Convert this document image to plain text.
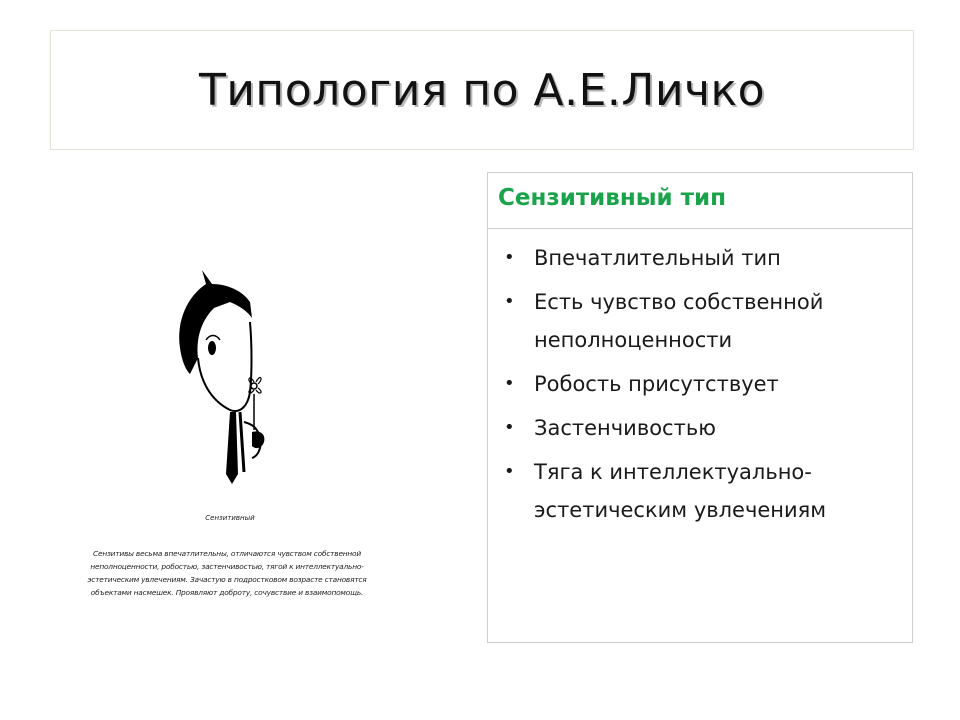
Типология по А.Е.Личко
Сензитивный
Сензитивы весьма впечатлительны, отличаются чувством собственной неполноценности, робостью, застенчивостью, тягой к интеллектуально-эстетическим увлечениям. Зачастую в подростковом возрасте становятся объектами насмешек. Проявляют доброту, сочувствие и взаимопомощь.
Сензитивный тип
• Впечатлительный тип
• Есть чувство собственной неполноценности
• Робость присутствует
• Застенчивостью
• Тяга к интеллектуально-эстетическим увлечениям
